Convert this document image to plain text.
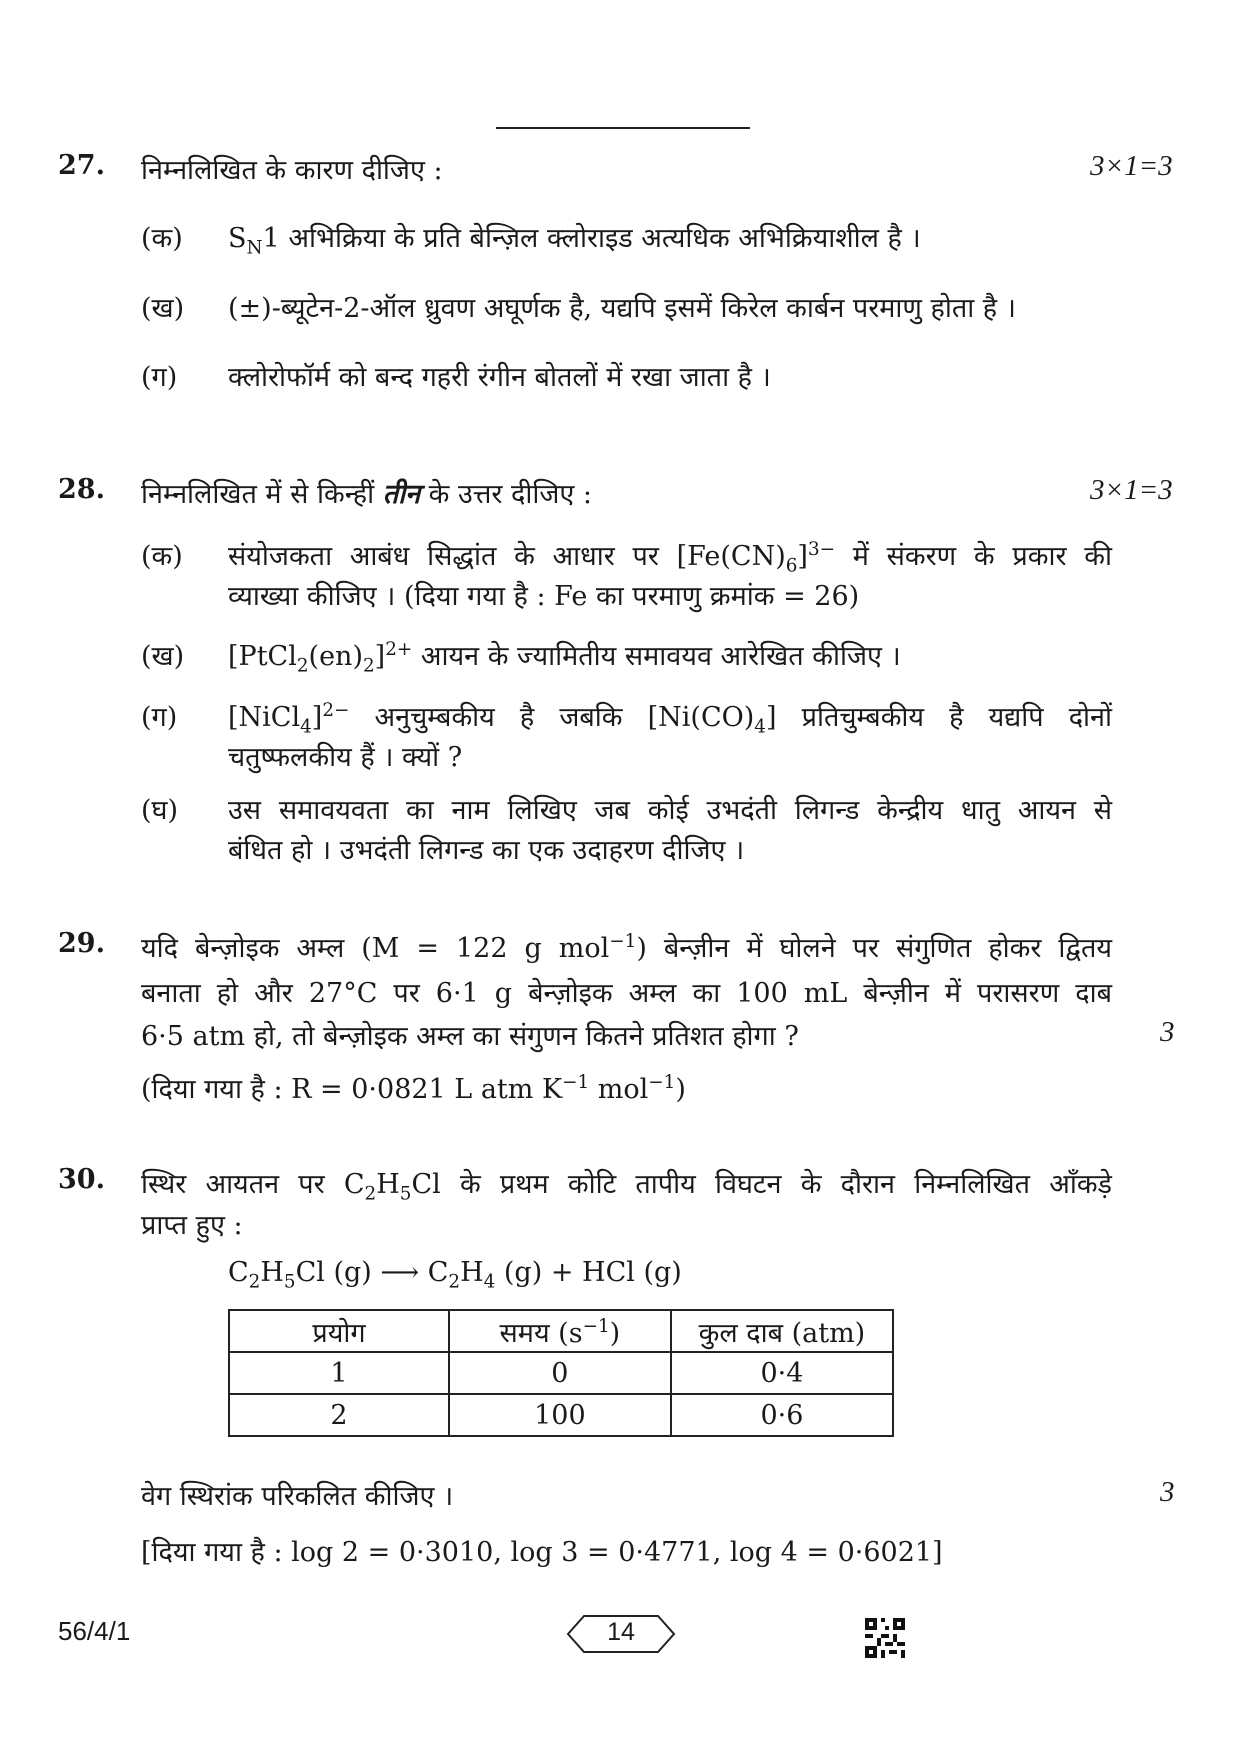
27. निम्नलिखित के कारण दीजिए :	3×1=3
(क) $S_N1$ अभिक्रिया के प्रति बेन्ज़िल क्लोराइड अत्यधिक अभिक्रियाशील है ।
(ख) (±)-ब्यूटेन-2-ऑल ध्रुवण अघूर्णक है, यद्यपि इसमें किरेल कार्बन परमाणु होता है ।
(ग) क्लोरोफॉर्म को बन्द गहरी रंगीन बोतलों में रखा जाता है ।
28. निम्नलिखित में से किन्हीं तीन के उत्तर दीजिए :	3×1=3
(क) संयोजकता आबंध सिद्धांत के आधार पर $[Fe(CN)_6]^{3-}$ में संकरण के प्रकार की
व्याख्या कीजिए । (दिया गया है : Fe का परमाणु क्रमांक = 26)
(ख) $[PtCl_2(en)_2]^{2+}$ आयन के ज्यामितीय समावयव आरेखित कीजिए ।
(ग) [NiCl$_4$]$^{2-}$ अनुचुम्बकीय है जबकि $[Ni(CO)_4]$ प्रतिचुम्बकीय है यद्यपि दोनों
चतुष्फलकीय हैं । क्यों ?
(घ) उस समावयवता का नाम लिखिए जब कोई उभदंती लिगन्ड केन्द्रीय धातु आयन से
बंधित हो । उभदंती लिगन्ड का एक उदाहरण दीजिए ।
29. यदि बेन्ज़ोइक अम्ल (M = 122 g mol$^{-1}$) बेन्ज़ीन में घोलने पर संगुणित होकर द्वितय
बनाता हो और 27°C पर 6·1 g बेन्ज़ोइक अम्ल का 100 mL बेन्ज़ीन में परासरण दाब
6·5 atm हो, तो बेन्ज़ोइक अम्ल का संगुणन कितने प्रतिशत होगा ?	3
(दिया गया है : R = 0·0821 L atm $K^{-1}$ mol$^{-1}$)
30. स्थिर आयतन पर $C_2H_5Cl$ के प्रथम कोटि तापीय विघटन के दौरान निम्नलिखित आँकड़े
प्राप्त हुए :
$C_2H_5Cl$ (g) ⟶ $C_2H_4$ (g) + HCl (g)
प्रयोग	समय $(s^{-1})$	कुल दाब (atm)
1	0	0·4
2	100	0·6
वेग स्थिरांक परिकलित कीजिए ।	3
[दिया गया है : log 2 = 0·3010, log 3 = 0·4771, log 4 = 0·6021]
56/4/1	14
